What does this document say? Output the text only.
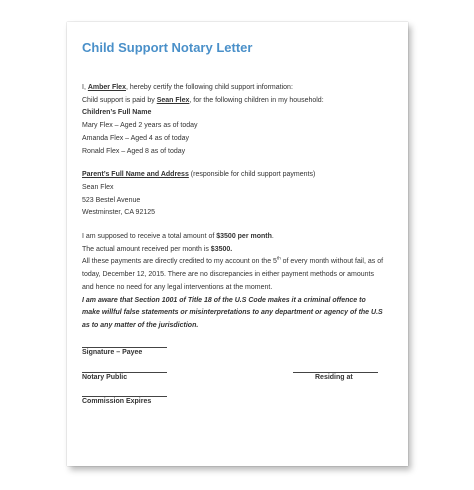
Child Support Notary Letter

I, Amber Flex, hereby certify the following child support information:

Child support is paid by Sean Flex, for the following children in my household:

Children’s Full Name

Mary Flex – Aged 2 years as of today

Amanda Flex – Aged 4 as of today

Ronald Flex – Aged 8 as of today

Parent’s Full Name and Address (responsible for child support payments)

Sean Flex

523 Bestel Avenue

Westminster, CA 92125

I am supposed to receive a total amount of $3500 per month.

The actual amount received per month is $3500.

All these payments are directly credited to my account on the 5th of every month without fail, as of

today, December 12, 2015. There are no discrepancies in either payment methods or amounts

and hence no need for any legal interventions at the moment.

I am aware that Section 1001 of Title 18 of the U.S Code makes it a criminal offence to

make willful false statements or misinterpretations to any department or agency of the U.S

as to any matter of the jurisdiction.

Signature – Payee
Notary Public	Residing at
Commission Expires
